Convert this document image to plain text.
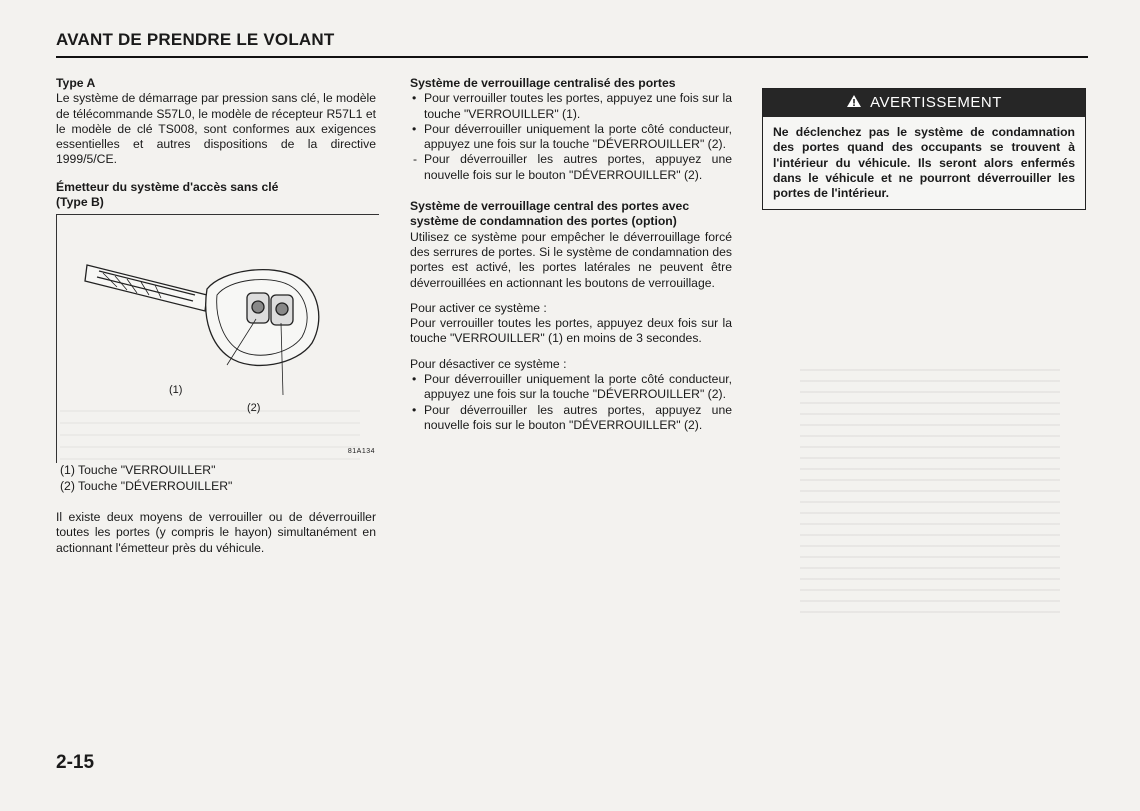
AVANT DE PRENDRE LE VOLANT

Type A

Le système de démarrage par pression sans clé, le modèle de télécommande S57L0, le modèle de récepteur R57L1 et le modèle de clé TS008, sont conformes aux exigences essentielles et autres dispositions de la directive 1999/5/CE.

Émetteur du système d'accès sans clé

(Type B)

(1)
(2)
81A134

(1) Touche "VERROUILLER"

(2) Touche "DÉVERROUILLER"

Il existe deux moyens de verrouiller ou de déverrouiller toutes les portes (y compris le hayon) simultanément en actionnant l'émetteur près du véhicule.

Système de verrouillage centralisé des portes

• Pour verrouiller toutes les portes, appuyez une fois sur la touche "VERROUILLER" (1).
• Pour déverrouiller uniquement la porte côté conducteur, appuyez une fois sur la touche "DÉVERROUILLER" (2).
- Pour déverrouiller les autres portes, appuyez une nouvelle fois sur le bouton "DÉVERROUILLER" (2).

Système de verrouillage central des portes avec système de condamnation des portes (option)

Utilisez ce système pour empêcher le déverrouillage forcé des serrures de portes. Si le système de condamnation des portes est activé, les portes latérales ne peuvent être déverrouillées en actionnant les boutons de verrouillage.

Pour activer ce système :

Pour verrouiller toutes les portes, appuyez deux fois sur la touche "VERROUILLER" (1) en moins de 3 secondes.

Pour désactiver ce système :

• Pour déverrouiller uniquement la porte côté conducteur, appuyez une fois sur la touche "DÉVERROUILLER" (2).
• Pour déverrouiller les autres portes, appuyez une nouvelle fois sur le bouton "DÉVERROUILLER" (2).
AVERTISSEMENT
Ne déclenchez pas le système de condamnation des portes quand des occupants se trouvent à l'intérieur du véhicule. Ils seront alors enfermés dans le véhicule et ne pourront déverrouiller les portes de l'intérieur.
2-15
